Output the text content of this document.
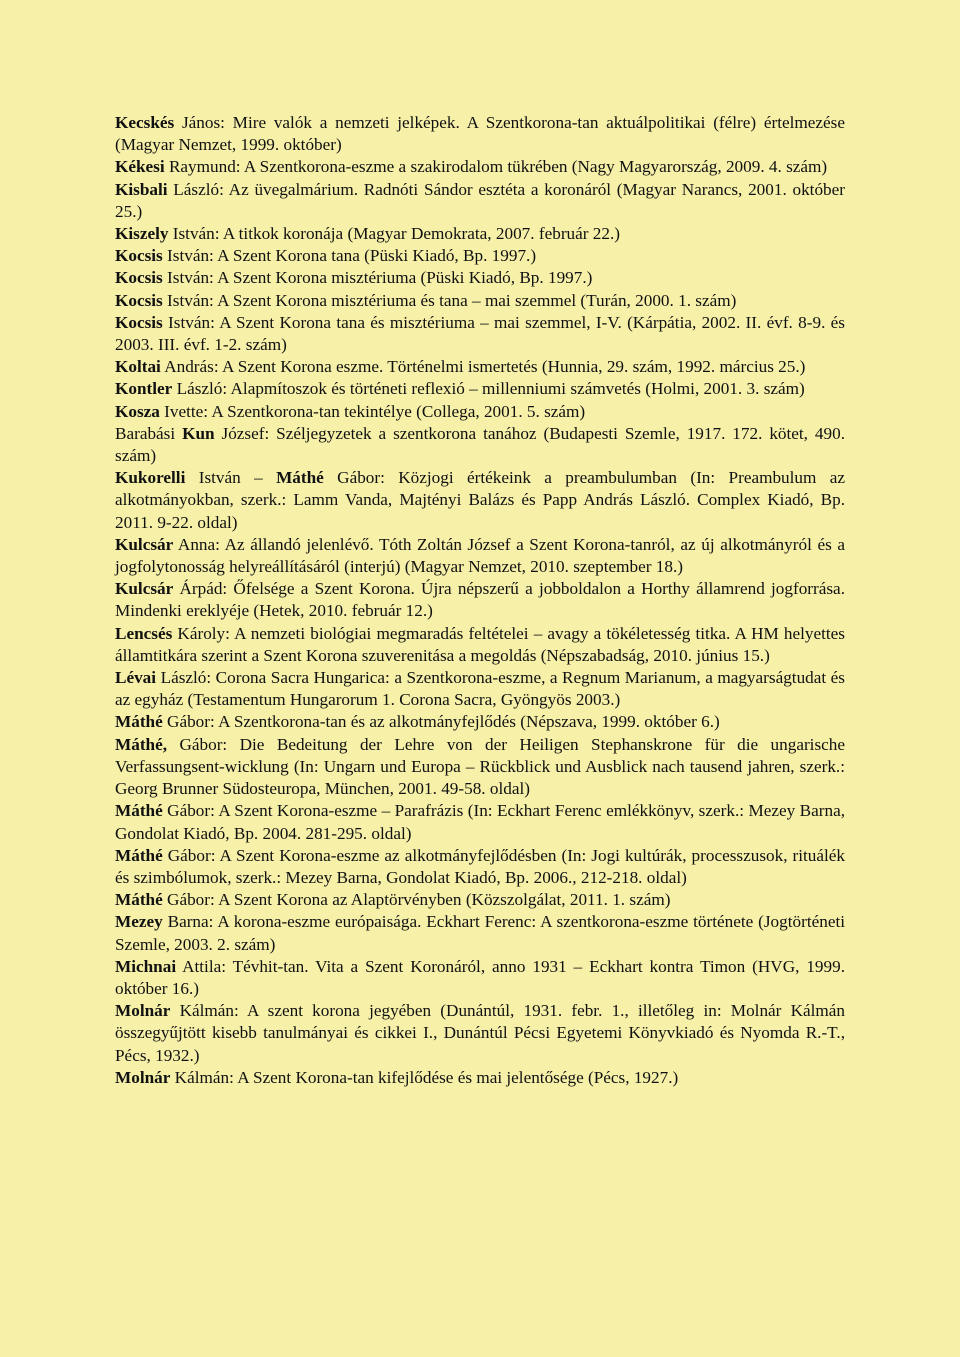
Kecskés János: Mire valók a nemzeti jelképek. A Szentkorona-tan aktuálpolitikai (félre) értelmezése (Magyar Nemzet, 1999. október)

Kékesi Raymund: A Szentkorona-eszme a szakirodalom tükrében (Nagy Magyarország, 2009. 4. szám)

Kisbali László: Az üvegalmárium. Radnóti Sándor esztéta a koronáról (Magyar Narancs, 2001. október 25.)

Kiszely István: A titkok koronája (Magyar Demokrata, 2007. február 22.)

Kocsis István: A Szent Korona tana (Püski Kiadó, Bp. 1997.)

Kocsis István: A Szent Korona misztériuma (Püski Kiadó, Bp. 1997.)

Kocsis István: A Szent Korona misztériuma és tana – mai szemmel (Turán, 2000. 1. szám)

Kocsis István: A Szent Korona tana és misztériuma – mai szemmel, I-V. (Kárpátia, 2002. II. évf. 8-9. és 2003. III. évf. 1-2. szám)

Koltai András: A Szent Korona eszme. Történelmi ismertetés (Hunnia, 29. szám, 1992. március 25.)

Kontler László: Alapmítoszok és történeti reflexió – millenniumi számvetés (Holmi, 2001. 3. szám)

Kosza Ivette: A Szentkorona-tan tekintélye (Collega, 2001. 5. szám)

Barabási Kun József: Széljegyzetek a szentkorona tanához (Budapesti Szemle, 1917. 172. kötet, 490. szám)

Kukorelli István – Máthé Gábor: Közjogi értékeink a preambulumban (In: Preambulum az alkotmányokban, szerk.: Lamm Vanda, Majtényi Balázs és Papp András László. Complex Kiadó, Bp. 2011. 9-22. oldal)

Kulcsár Anna: Az állandó jelenlévő. Tóth Zoltán József a Szent Korona-tanról, az új alkotmányról és a jogfolytonosság helyreállításáról (interjú) (Magyar Nemzet, 2010. szeptember 18.)

Kulcsár Árpád: Őfelsége a Szent Korona. Újra népszerű a jobboldalon a Horthy államrend jogforrása. Mindenki ereklyéje (Hetek, 2010. február 12.)

Lencsés Károly: A nemzeti biológiai megmaradás feltételei – avagy a tökéletesség titka. A HM helyettes államtitkára szerint a Szent Korona szuverenitása a megoldás (Népszabadság, 2010. június 15.)

Lévai László: Corona Sacra Hungarica: a Szentkorona-eszme, a Regnum Marianum, a magyarságtudat és az egyház (Testamentum Hungarorum 1. Corona Sacra, Gyöngyös 2003.)

Máthé Gábor: A Szentkorona-tan és az alkotmányfejlődés (Népszava, 1999. október 6.)

Máthé, Gábor: Die Bedeitung der Lehre von der Heiligen Stephanskrone für die ungarische Verfassungsent-wicklung (In: Ungarn und Europa – Rückblick und Ausblick nach tausend jahren, szerk.: Georg Brunner Südosteuropa, München, 2001. 49-58. oldal)

Máthé Gábor: A Szent Korona-eszme – Parafrázis (In: Eckhart Ferenc emlékkönyv, szerk.: Mezey Barna, Gondolat Kiadó, Bp. 2004. 281-295. oldal)

Máthé Gábor: A Szent Korona-eszme az alkotmányfejlődésben (In: Jogi kultúrák, processzusok, rituálék és szimbólumok, szerk.: Mezey Barna, Gondolat Kiadó, Bp. 2006., 212-218. oldal)

Máthé Gábor: A Szent Korona az Alaptörvényben (Közszolgálat, 2011. 1. szám)

Mezey Barna: A korona-eszme európaisága. Eckhart Ferenc: A szentkorona-eszme története (Jogtörténeti Szemle, 2003. 2. szám)

Michnai Attila: Tévhit-tan. Vita a Szent Koronáról, anno 1931 – Eckhart kontra Timon (HVG, 1999. október 16.)

Molnár Kálmán: A szent korona jegyében (Dunántúl, 1931. febr. 1., illetőleg in: Molnár Kálmán összegyűjtött kisebb tanulmányai és cikkei I., Dunántúl Pécsi Egyetemi Könyvkiadó és Nyomda R.-T., Pécs, 1932.)

Molnár Kálmán: A Szent Korona-tan kifejlődése és mai jelentősége (Pécs, 1927.)
